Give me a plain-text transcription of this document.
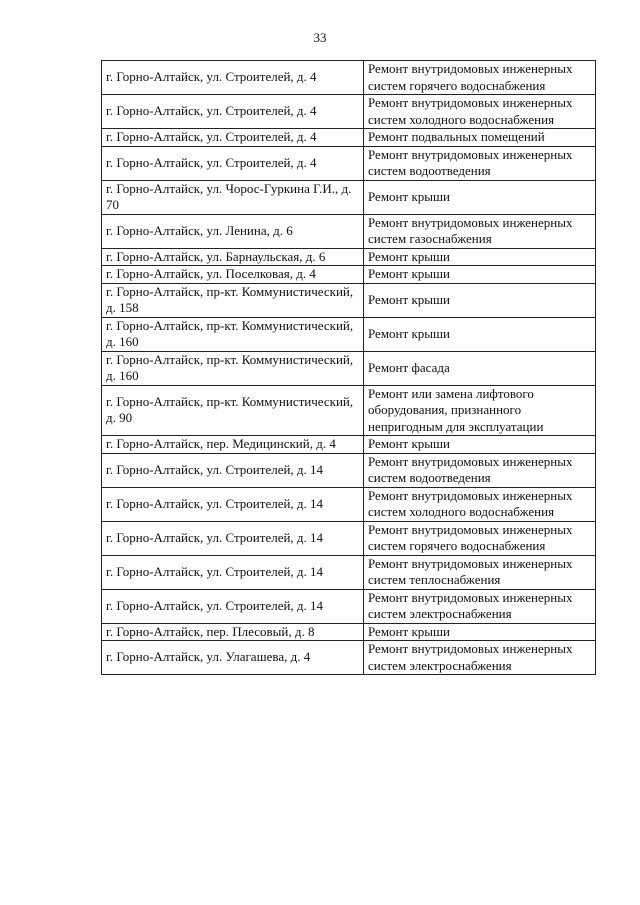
33
г. Горно-Алтайск, ул. Строителей, д. 4	Ремонт внутридомовых инженерных систем горячего водоснабжения
г. Горно-Алтайск, ул. Строителей, д. 4	Ремонт внутридомовых инженерных систем холодного водоснабжения
г. Горно-Алтайск, ул. Строителей, д. 4	Ремонт подвальных помещений
г. Горно-Алтайск, ул. Строителей, д. 4	Ремонт внутридомовых инженерных систем водоотведения
г. Горно-Алтайск, ул. Чорос-Гуркина Г.И., д. 70	Ремонт крыши
г. Горно-Алтайск, ул. Ленина, д. 6	Ремонт внутридомовых инженерных систем газоснабжения
г. Горно-Алтайск, ул. Барнаульская, д. 6	Ремонт крыши
г. Горно-Алтайск, ул. Поселковая, д. 4	Ремонт крыши
г. Горно-Алтайск, пр-кт. Коммунистический, д. 158	Ремонт крыши
г. Горно-Алтайск, пр-кт. Коммунистический, д. 160	Ремонт крыши
г. Горно-Алтайск, пр-кт. Коммунистический, д. 160	Ремонт фасада
г. Горно-Алтайск, пр-кт. Коммунистический, д. 90	Ремонт или замена лифтового оборудования, признанного непригодным для эксплуатации
г. Горно-Алтайск, пер. Медицинский, д. 4	Ремонт крыши
г. Горно-Алтайск, ул. Строителей, д. 14	Ремонт внутридомовых инженерных систем водоотведения
г. Горно-Алтайск, ул. Строителей, д. 14	Ремонт внутридомовых инженерных систем холодного водоснабжения
г. Горно-Алтайск, ул. Строителей, д. 14	Ремонт внутридомовых инженерных систем горячего водоснабжения
г. Горно-Алтайск, ул. Строителей, д. 14	Ремонт внутридомовых инженерных систем теплоснабжения
г. Горно-Алтайск, ул. Строителей, д. 14	Ремонт внутридомовых инженерных систем электроснабжения
г. Горно-Алтайск, пер. Плесовый, д. 8	Ремонт крыши
г. Горно-Алтайск, ул. Улагашева, д. 4	Ремонт внутридомовых инженерных систем электроснабжения
